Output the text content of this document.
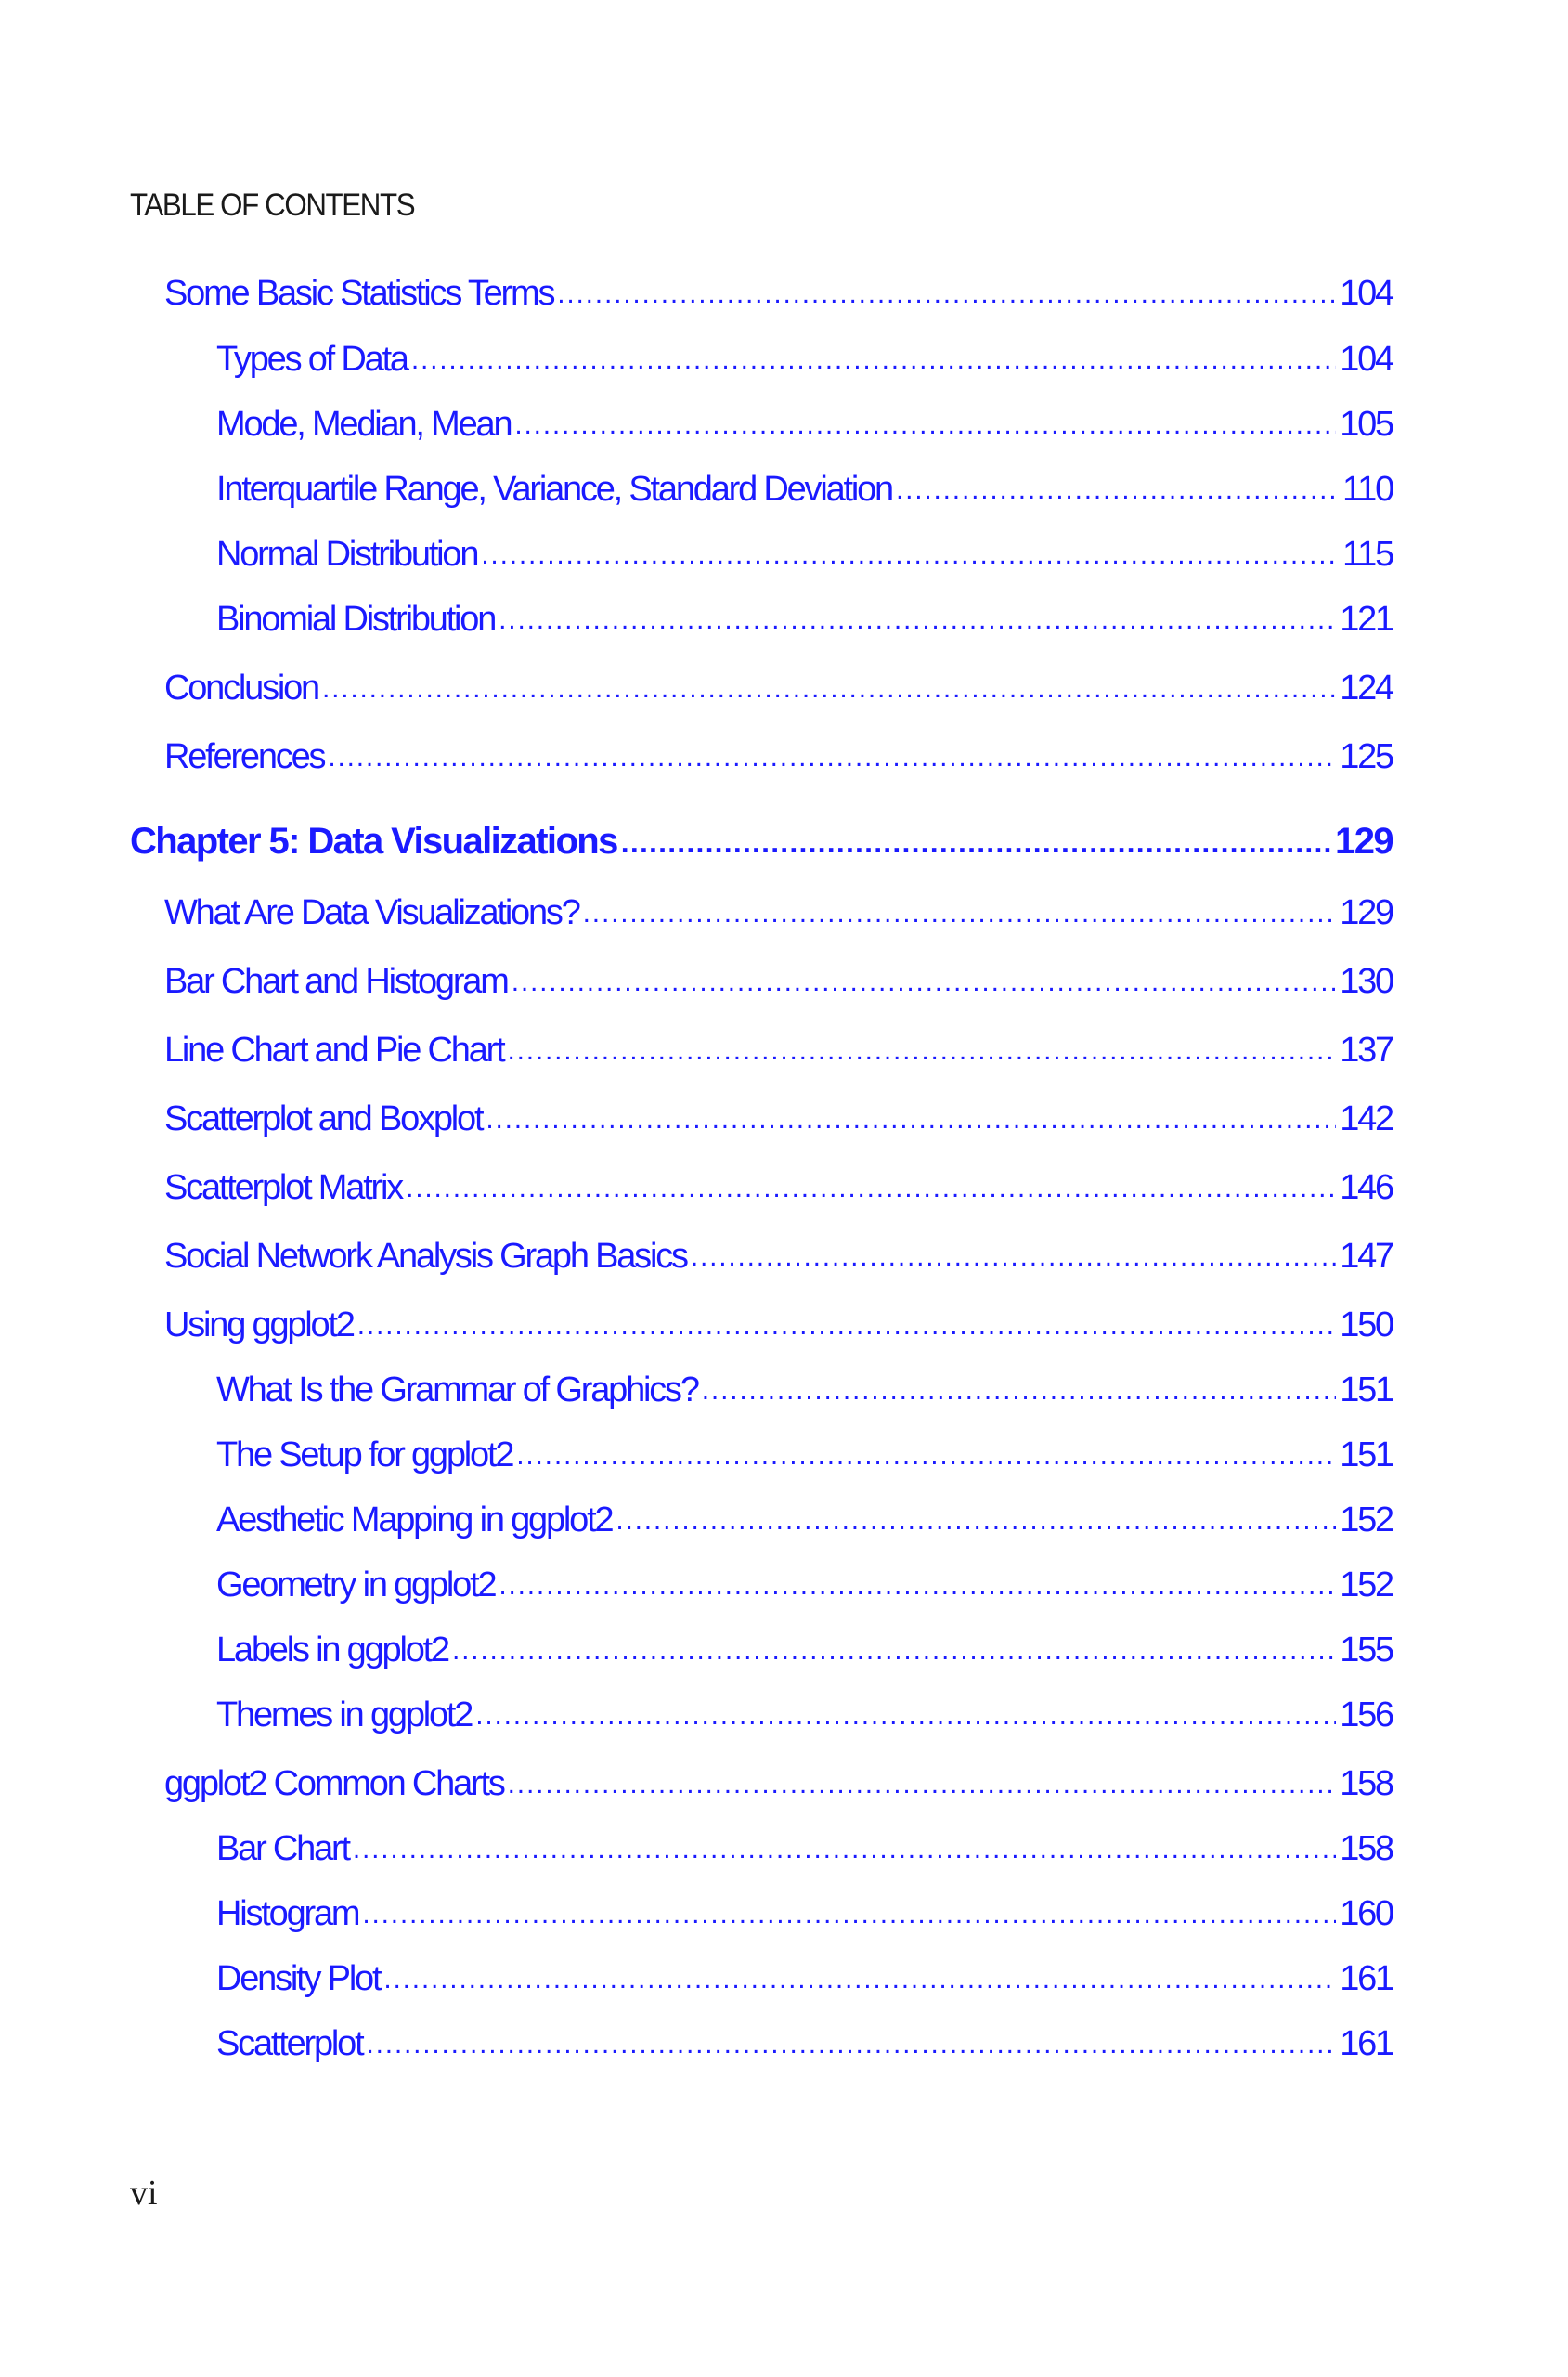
TABLE OF CONTENTS
Some Basic Statistics Terms .....	104
Types of Data .....	104
Mode, Median, Mean .....	105
Interquartile Range, Variance, Standard Deviation .....	110
Normal Distribution .....	115
Binomial Distribution .....	121
Conclusion .....	124
References .....	125
Chapter 5: Data Visualizations .....	129
What Are Data Visualizations? .....	129
Bar Chart and Histogram .....	130
Line Chart and Pie Chart .....	137
Scatterplot and Boxplot .....	142
Scatterplot Matrix .....	146
Social Network Analysis Graph Basics .....	147
Using ggplot2 .....	150
What Is the Grammar of Graphics? .....	151
The Setup for ggplot2 .....	151
Aesthetic Mapping in ggplot2 .....	152
Geometry in ggplot2 .....	152
Labels in ggplot2 .....	155
Themes in ggplot2 .....	156
ggplot2 Common Charts .....	158
Bar Chart .....	158
Histogram .....	160
Density Plot .....	161
Scatterplot .....	161
vi
